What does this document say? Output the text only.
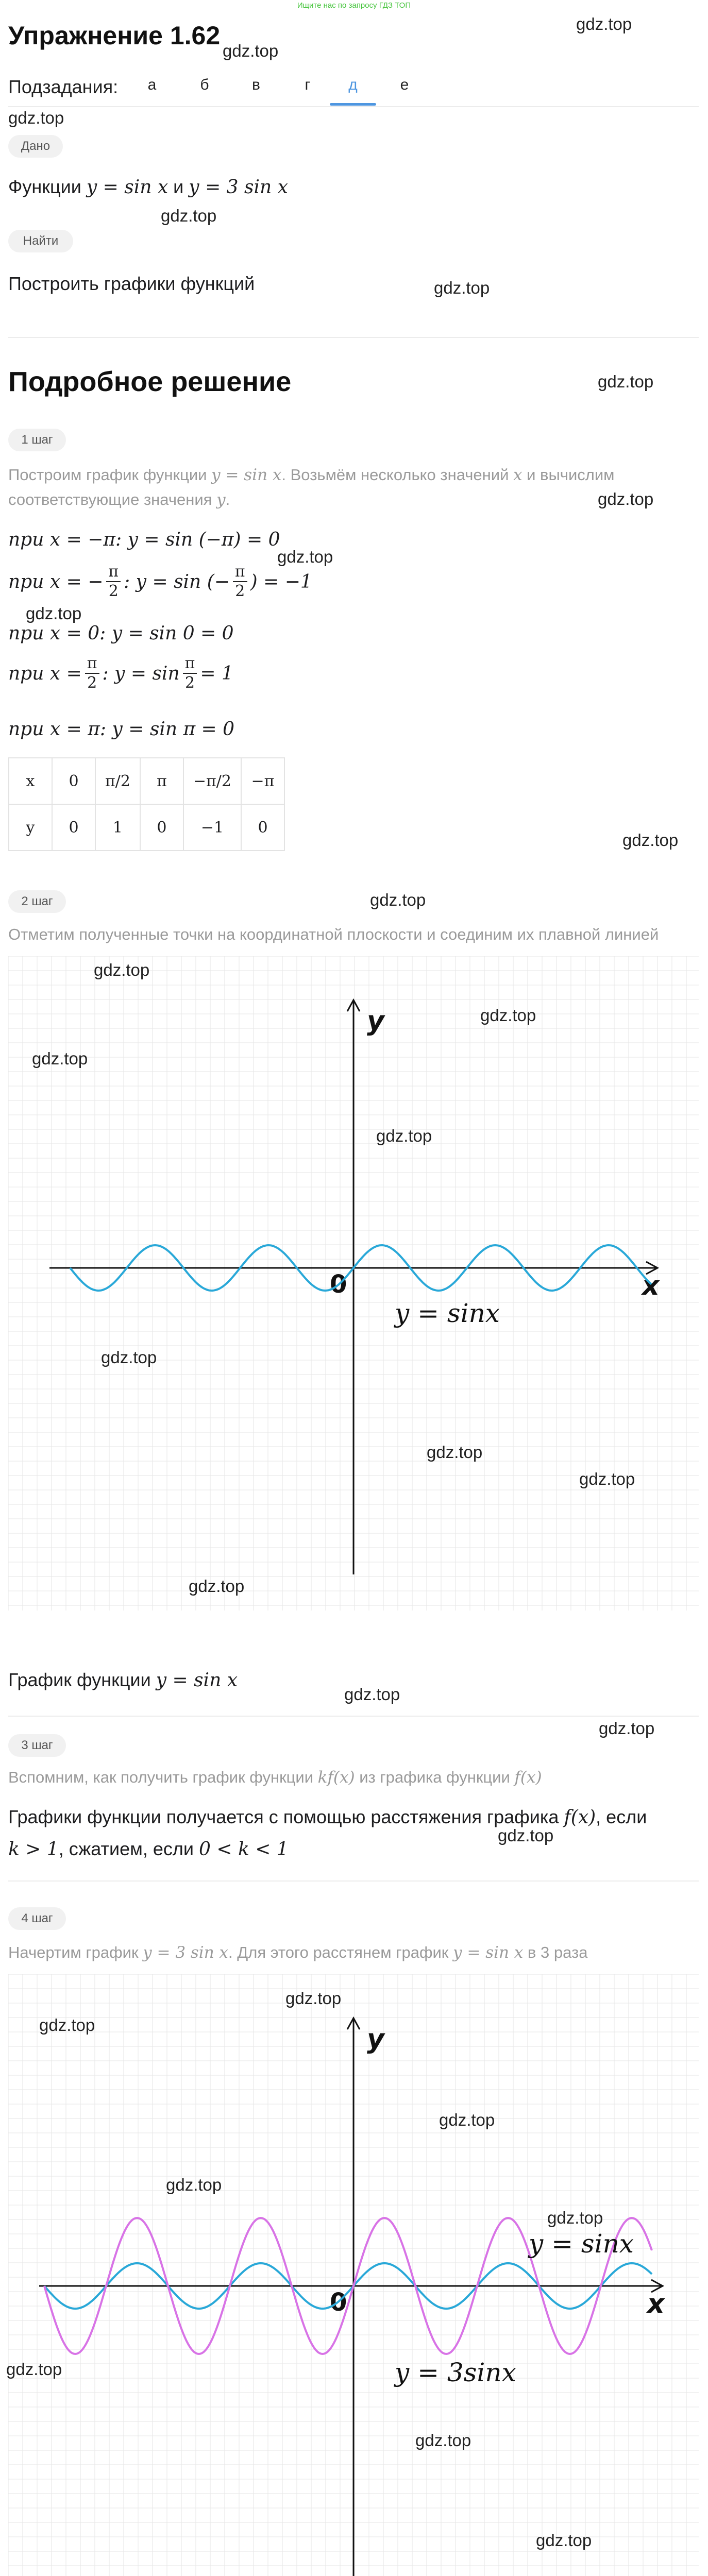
Ищите нас по запросу ГДЗ ТОП
Упражнение 1.62
Подзадания:	а	б	в	г	д	е
Дано
Функции y = sin x и y = 3 sin x
Найти
Построить графики функций
Подробное решение
1 шаг
Построим график функции y = sin x. Возьмём несколько значений x и вычислим
соответствующие значения y.
при x = −π: y = sin (−π) = 0
при x = − $\frac{\pi}{2}$ : y = sin (− $\frac{\pi}{2}$ ) = −1
при x = 0: y = sin 0 = 0
при $x = \frac{\pi}{2}$ : $y = \sin \frac{\pi}{2} = 1$
при x = π: y = sin π = 0
x	0	π/2	π	−π/2	−π
y	0	1	0	−1	0
2 шаг
Отметим полученные точки на координатной плоскости и соединим их плавной линией
x
y
0
y = sinx
График функции y = sin x
3 шаг
Вспомним, как получить график функции kf(x) из графика функции f(x)
Графики функции получается с помощью расстяжения графика f(x), если
k > 1, сжатием, если 0 < k < 1
4 шаг
Начертим график y = 3 sin x. Для этого расстянем график y = sin x в 3 раза
x
y
0
y = sinx
y = 3sinx
gdz.top
gdz.top
gdz.top
gdz.top
gdz.top
gdz.top
gdz.top
gdz.top
gdz.top
gdz.top
gdz.top
gdz.top
gdz.top
gdz.top
gdz.top
gdz.top
gdz.top
gdz.top
gdz.top
gdz.top
gdz.top
gdz.top
gdz.top
gdz.top
gdz.top
gdz.top
gdz.top
gdz.top
gdz.top
gdz.top
